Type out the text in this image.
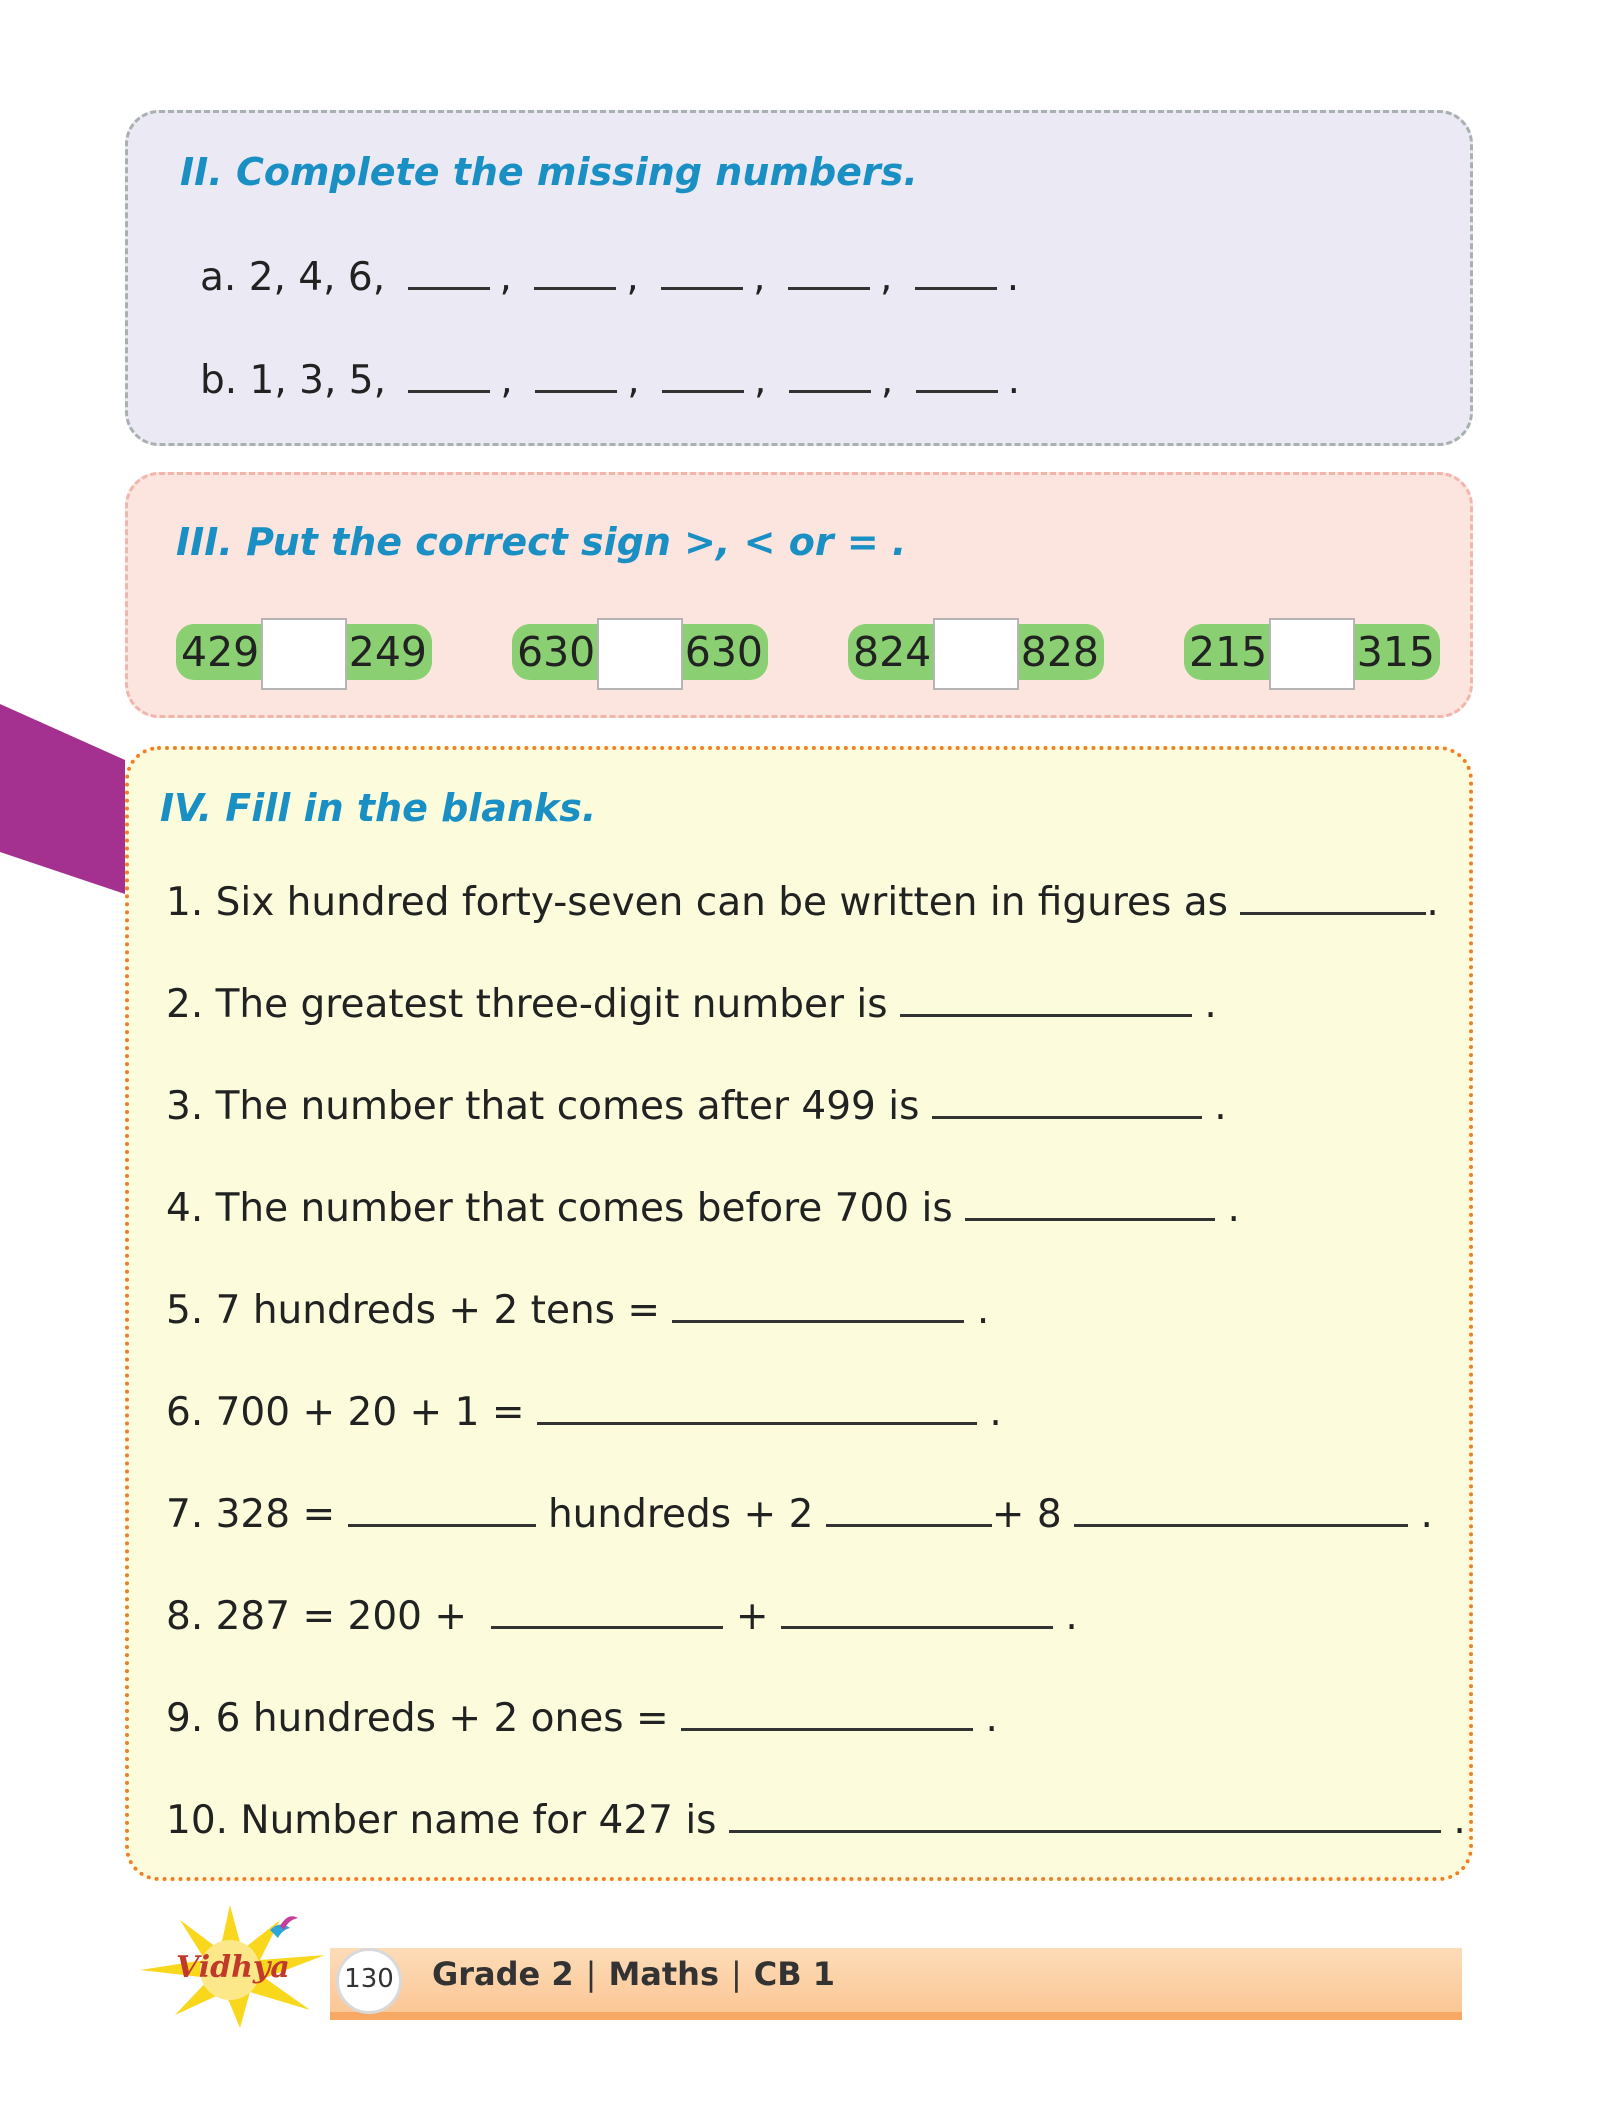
II. Complete the missing numbers.
a. 2, 4, 6,	,	,	,	,	.
b. 1, 3, 5,	,	,	,	,	.
III. Put the correct sign >, < or = .
429 249 630 630 824 828 215 315
IV. Fill in the blanks.
1. Six hundred forty-seven can be written in figures as	.
2. The greatest three-digit number is	.
3. The number that comes after 499 is	.
4. The number that comes before 700 is	.
5. 7 hundreds + 2 tens =	.
6. 700 + 20 + 1 =	.
7. 328 =	hundreds + 2	+ 8	.
8. 287 = 200 +	+	.
9. 6 hundreds + 2 ones =	.
10. Number name for 427 is	.
Vidhya	130 Grade 2 | Maths | CB 1
